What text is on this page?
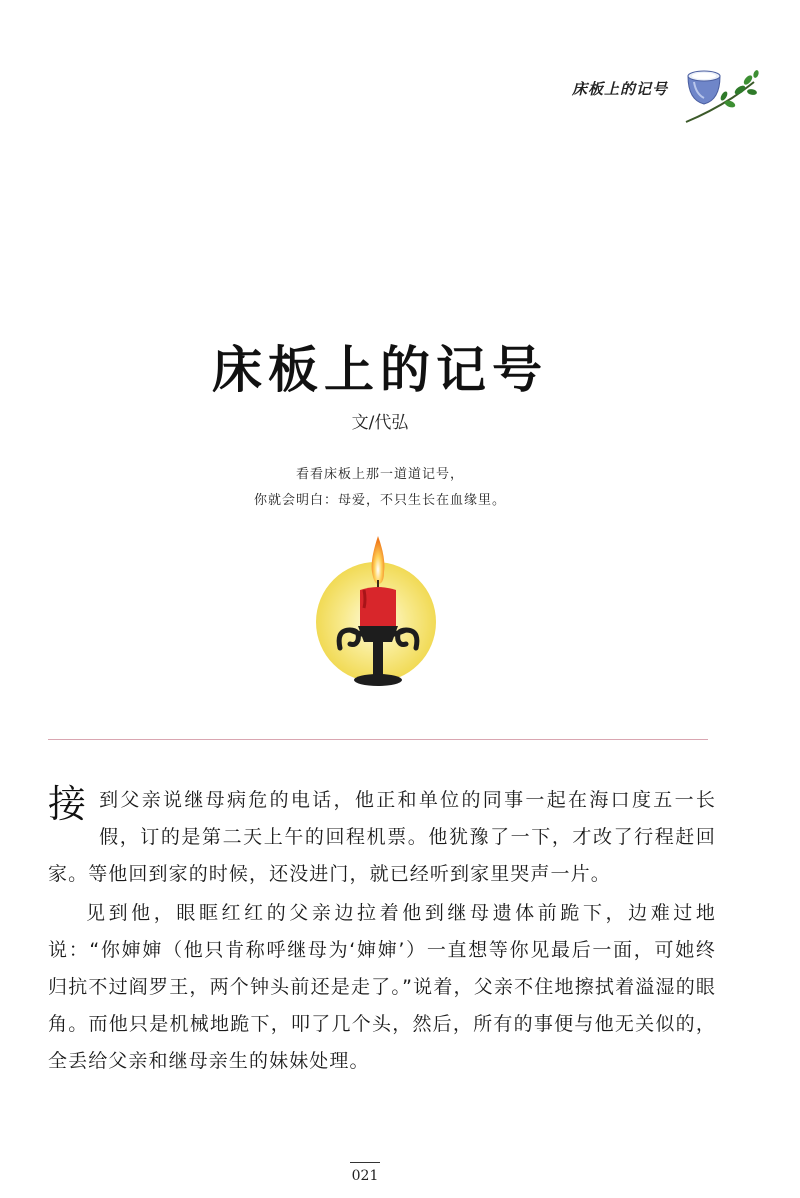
床板上的记号
床板上的记号
文/代弘
看看床板上那一道道记号，
你就会明白：母爱，不只生长在血缘里。

接到父亲说继母病危的电话，他正和单位的同事一起在海口度五一长假，订的是第二天上午的回程机票。他犹豫了一下，才改了行程赶回家。等他回到家的时候，还没进门，就已经听到家里哭声一片。

见到他，眼眶红红的父亲边拉着他到继母遗体前跪下，边难过地说：“你婶婶（他只肯称呼继母为‘婶婶’）一直想等你见最后一面，可她终归抗不过阎罗王，两个钟头前还是走了。”说着，父亲不住地擦拭着溢湿的眼角。而他只是机械地跪下，叩了几个头，然后，所有的事便与他无关似的，全丢给父亲和继母亲生的妹妹处理。

021
